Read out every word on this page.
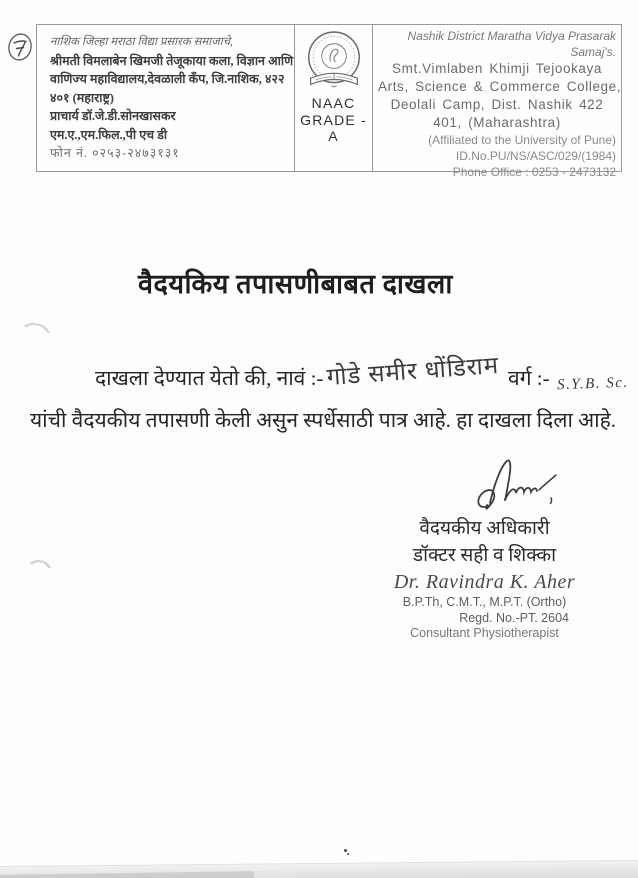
नाशिक जिल्हा मराठा विद्या प्रसारक समाजाचे,
श्रीमती विमलाबेन खिमजी तेजूकाया कला, विज्ञान आणि
वाणिज्य महाविद्यालय,देवळाली कँप, जि.नाशिक, ४२२
४०१ (महाराष्ट्र)
प्राचार्य डॉ.जे.डी.सोनखासकर
एम.ए.,एम.फिल.,पी एच डी
फोन नं. ०२५३-२४७३१३१
NAAC
GRADE -
A
Nashik District Maratha Vidya Prasarak
Samaj's.
Smt.Vimlaben Khimji Tejookaya
Arts, Science & Commerce College,
Deolali Camp, Dist. Nashik 422
401, (Maharashtra)
(Affiliated to the University of Pune)
ID.No.PU/NS/ASC/029/(1984)
Phone Office : 0253 - 2473132
वैदयकिय तपासणीबाबत दाखला
दाखला देण्यात येतो की, नावं :- गोडे समीर धोंडिराम वर्ग :- S.Y.B. Sc.
यांची वैदयकीय तपासणी केली असुन स्पर्धेसाठी पात्र आहे. हा दाखला दिला आहे.
वैदयकीय अधिकारी
डॉक्टर सही व शिक्का
Dr. Ravindra K. Aher
B.P.Th, C.M.T., M.P.T. (Ortho)
Regd. No.-PT. 2604
Consultant Physiotherapist
